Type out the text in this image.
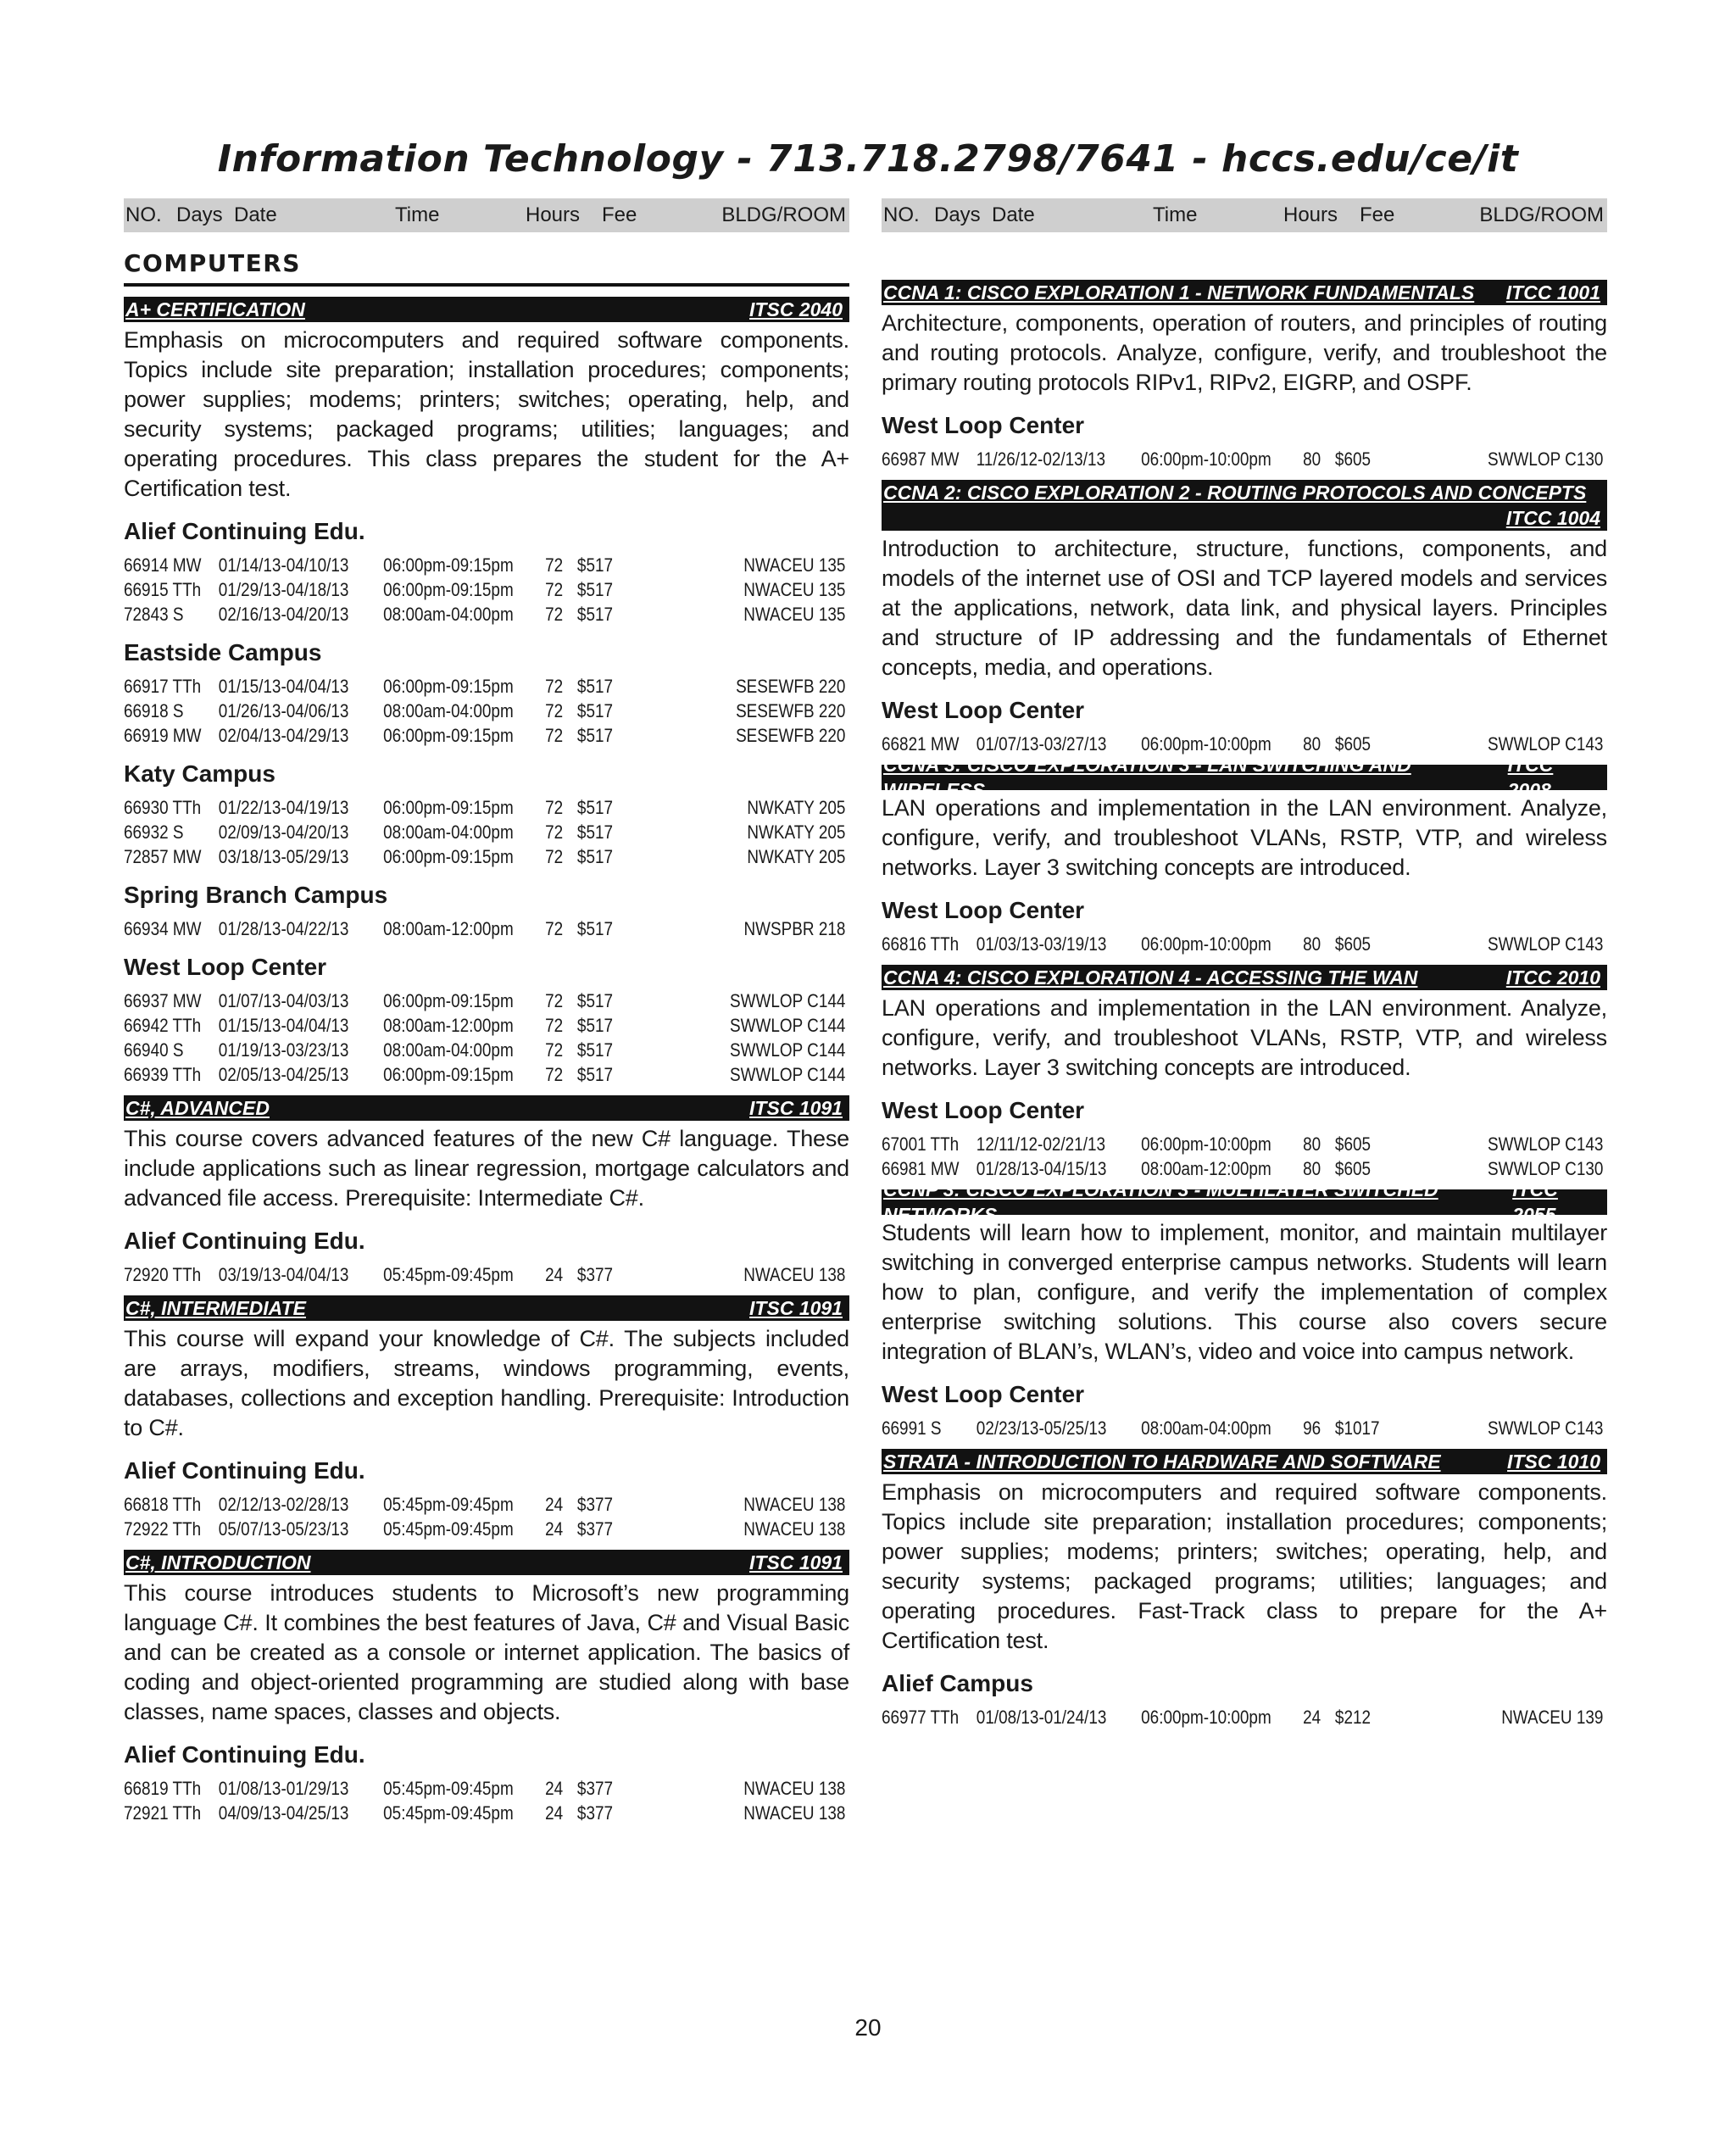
Information Technology - 713.718.2798/7641 - hccs.edu/ce/it
NO. Days Date	Time	Hours Fee	BLDG/ROOM NO. Days Date	Time	Hours Fee	BLDG/ROOM
COMPUTERS
A+ CERTIFICATION	ITSC 2040
Emphasis on microcomputers and required software components. Topics include site preparation; installation procedures; components; power supplies; modems; printers; switches; operating, help, and security systems; packaged programs; utilities; languages; and operating procedures. This class prepares the student for the A+ Certification test.
Alief Continuing Edu.
66914 MW 01/14/13-04/10/13	06:00pm-09:15pm	72 $517	NWACEU 135
66915 TTh 01/29/13-04/18/13	06:00pm-09:15pm	72 $517	NWACEU 135
72843 S	02/16/13-04/20/13	08:00am-04:00pm	72 $517	NWACEU 135
Eastside Campus
66917 TTh 01/15/13-04/04/13	06:00pm-09:15pm	72 $517	SESEWFB 220
66918 S	01/26/13-04/06/13	08:00am-04:00pm	72 $517	SESEWFB 220
66919 MW 02/04/13-04/29/13	06:00pm-09:15pm	72 $517	SESEWFB 220
Katy Campus
66930 TTh 01/22/13-04/19/13	06:00pm-09:15pm	72 $517	NWKATY 205
66932 S	02/09/13-04/20/13	08:00am-04:00pm	72 $517	NWKATY 205
72857 MW 03/18/13-05/29/13	06:00pm-09:15pm	72 $517	NWKATY 205
Spring Branch Campus
66934 MW 01/28/13-04/22/13	08:00am-12:00pm	72 $517	NWSPBR 218
West Loop Center
66937 MW 01/07/13-04/03/13	06:00pm-09:15pm	72 $517	SWWLOP C144
66942 TTh 01/15/13-04/04/13	08:00am-12:00pm	72 $517	SWWLOP C144
66940 S	01/19/13-03/23/13	08:00am-04:00pm	72 $517	SWWLOP C144
66939 TTh 02/05/13-04/25/13	06:00pm-09:15pm	72 $517	SWWLOP C144
C#, ADVANCED	ITSC 1091
This course covers advanced features of the new C# language. These include applications such as linear regression, mortgage calculators and advanced file access. Prerequisite: Intermediate C#.
Alief Continuing Edu.
72920 TTh 03/19/13-04/04/13	05:45pm-09:45pm	24 $377	NWACEU 138
C#, INTERMEDIATE	ITSC 1091
This course will expand your knowledge of C#. The subjects included are arrays, modifiers, streams, windows programming, events, databases, collections and exception handling. Prerequisite: Introduction to C#.
Alief Continuing Edu.
66818 TTh 02/12/13-02/28/13	05:45pm-09:45pm	24 $377	NWACEU 138
72922 TTh 05/07/13-05/23/13	05:45pm-09:45pm	24 $377	NWACEU 138
C#, INTRODUCTION	ITSC 1091
This course introduces students to Microsoft’s new programming language C#. It combines the best features of Java, C# and Visual Basic and can be created as a console or internet application. The basics of coding and object-oriented programming are studied along with base classes, name spaces, classes and objects.
Alief Continuing Edu.
66819 TTh 01/08/13-01/29/13	05:45pm-09:45pm	24 $377	NWACEU 138
72921 TTh 04/09/13-04/25/13	05:45pm-09:45pm	24 $377	NWACEU 138
CCNA 1: CISCO EXPLORATION 1 - NETWORK FUNDAMENTALS ITCC 1001
Architecture, components, operation of routers, and principles of routing and routing protocols. Analyze, configure, verify, and troubleshoot the primary routing protocols RIPv1, RIPv2, EIGRP, and OSPF.
West Loop Center
66987 MW 11/26/12-02/13/13	06:00pm-10:00pm	80 $605	SWWLOP C130
CCNA 2: CISCO EXPLORATION 2 - ROUTING PROTOCOLS AND CONCEPTS
ITCC 1004
Introduction to architecture, structure, functions, components, and models of the internet use of OSI and TCP layered models and services at the applications, network, data link, and physical layers. Principles and structure of IP addressing and the fundamentals of Ethernet concepts, media, and operations.
West Loop Center
66821 MW 01/07/13-03/27/13	06:00pm-10:00pm	80 $605	SWWLOP C143
CCNA 3: CISCO EXPLORATION 3 - LAN SWITCHING AND WIRELESS
ITCC 2008
LAN operations and implementation in the LAN environment. Analyze, configure, verify, and troubleshoot VLANs, RSTP, VTP, and wireless networks. Layer 3 switching concepts are introduced.
West Loop Center
66816 TTh 01/03/13-03/19/13	06:00pm-10:00pm	80 $605	SWWLOP C143
CCNA 4: CISCO EXPLORATION 4 - ACCESSING THE WAN	ITCC 2010
LAN operations and implementation in the LAN environment. Analyze, configure, verify, and troubleshoot VLANs, RSTP, VTP, and wireless networks. Layer 3 switching concepts are introduced.
West Loop Center
67001 TTh 12/11/12-02/21/13	06:00pm-10:00pm	80 $605	SWWLOP C143
66981 MW 01/28/13-04/15/13	08:00am-12:00pm	80 $605	SWWLOP C130
CCNP 3: CISCO EXPLORATION 3 - MULTILAYER SWITCHED NETWORKS
ITCC 2055
Students will learn how to implement, monitor, and maintain multilayer switching in converged enterprise campus networks. Students will learn how to plan, configure, and verify the implementation of complex enterprise switching solutions. This course also covers secure integration of BLAN’s, WLAN’s, video and voice into campus network.
West Loop Center
66991 S	02/23/13-05/25/13	08:00am-04:00pm	96 $1017	SWWLOP C143
STRATA - INTRODUCTION TO HARDWARE AND SOFTWARE	ITSC 1010
Emphasis on microcomputers and required software components. Topics include site preparation; installation procedures; components; power supplies; modems; printers; switches; operating, help, and security systems; packaged programs; utilities; languages; and operating procedures. Fast-Track class to prepare for the A+ Certification test.
Alief Campus
66977 TTh 01/08/13-01/24/13	06:00pm-10:00pm	24 $212	NWACEU 139
20
